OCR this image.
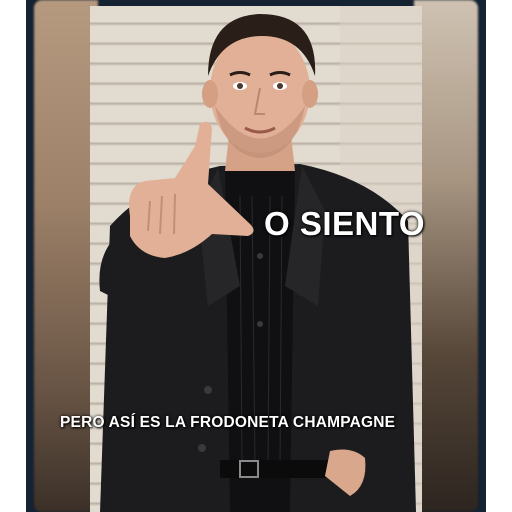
O SIENTO
PERO ASÍ ES LA FRODONETA CHAMPAGNE
